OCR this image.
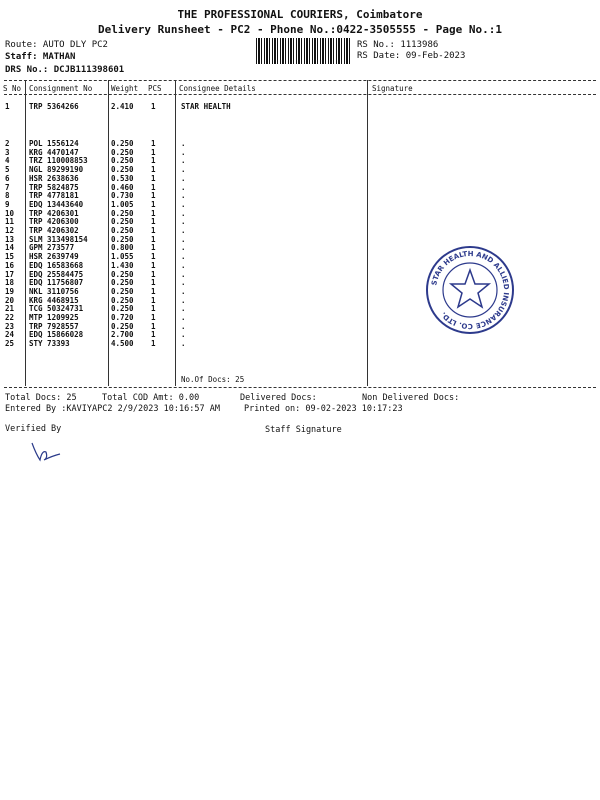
THE PROFESSIONAL COURIERS, Coimbatore
Delivery Runsheet - PC2 - Phone No.:0422-3505555 - Page No.:1
Route: AUTO DLY PC2
Staff: MATHAN
DRS No.: DCJB111398601
RS No.: 1113986
RS Date: 09-Feb-2023
S No Consignment No	Weight PCS Consignee Details	Signature
1	TRP 5364266	2.410 1	STAR HEALTH
2	POL 1556124	0.250 1	.
3	KRG 4470147	0.250 1	.
4	TRZ 110008853	0.250 1	.
5	NGL 89299190	0.250 1	.
6	HSR 2638636	0.530 1	.
7	TRP 5824875	0.460 1	.
8	TRP 4778181	0.730 1	.
9	EDQ 13443640	1.005 1	.
10 TRP 4206301	0.250 1	.
11 TRP 4206300	0.250 1	.
12 TRP 4206302	0.250 1	.
13 SLM 313498154	0.250 1	.
14 GPM 273577	0.800 1	.
15 HSR 2639749	1.055 1	.
16 EDQ 16583668	1.430 1	.
17 EDQ 25584475	0.250 1	.
18 EDQ 11756807	0.250 1	.
19 NKL 3110756	0.250 1	.
20 KRG 4468915	0.250 1	.
21 TCG 50324731	0.250 1	.
22 MTP 1209925	0.720 1	.
23 TRP 7928557	0.250 1	.
24 EDQ 15866028	2.700 1	.
25 STY 73393	4.500 1	.
No.Of Docs: 25
Total Docs: 25	Total COD Amt: 0.00	Delivered Docs:	Non Delivered Docs:
Entered By :KAVIYAPC2 2/9/2023 10:16:57 AM	Printed on: 09-02-2023 10:17:23
Verified By	Staff Signature
STAR HEALTH AND ALLIED INSURANCE CO. LTD.
